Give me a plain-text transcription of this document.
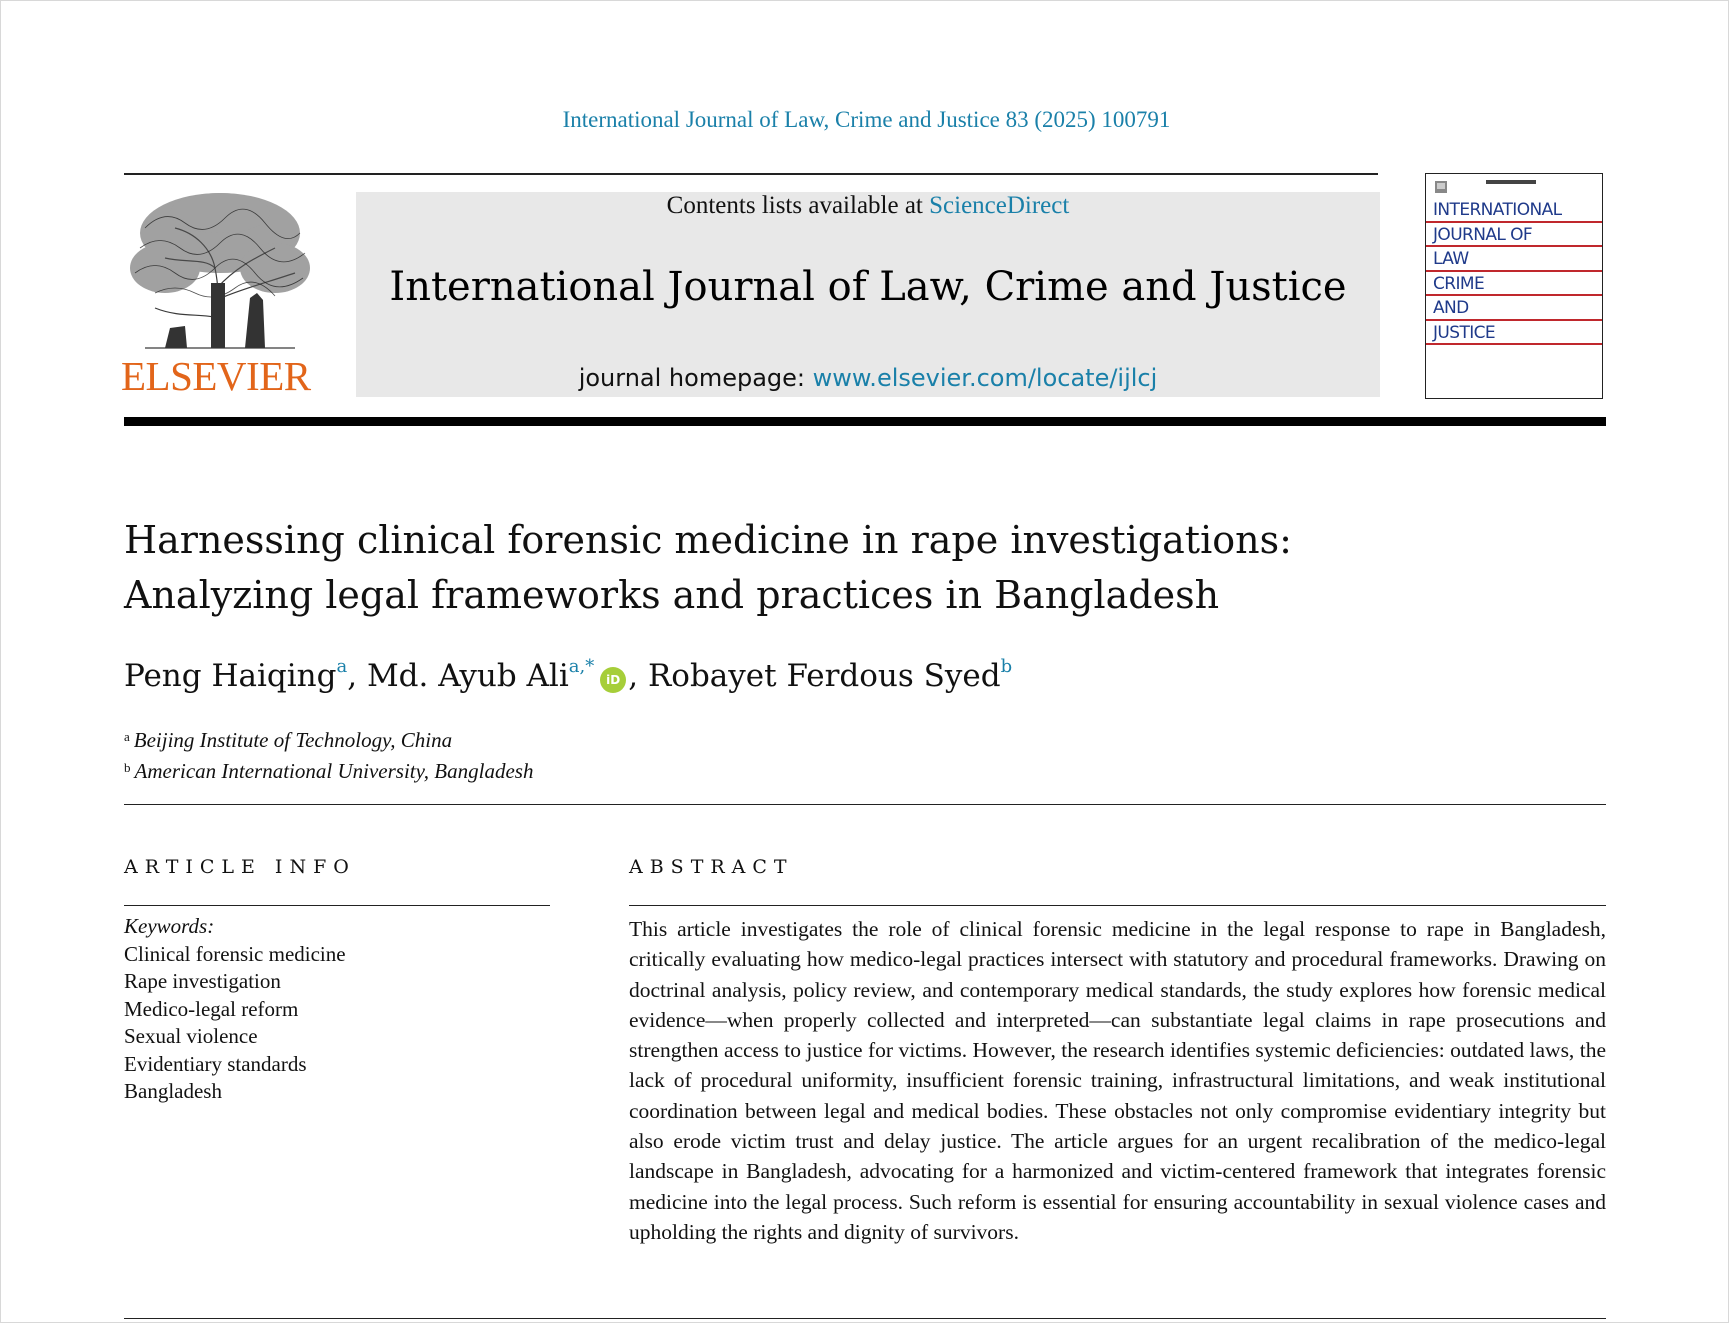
International Journal of Law, Crime and Justice 83 (2025) 100791
ELSEVIER
Contents lists available at ScienceDirect
International Journal of Law, Crime and Justice
journal homepage: www.elsevier.com/locate/ijlcj
INTERNATIONAL
JOURNAL OF
LAW
CRIME
AND
JUSTICE
Harnessing clinical forensic medicine in rape investigations:
Analyzing legal frameworks and practices in Bangladesh
Peng Haiqing$^a$, Md. Ayub Ali$^{a,*}$iD , Robayet Ferdous Syed$^b$
$^a$ Beijing Institute of Technology, China
$^b$ American International University, Bangladesh
ARTICLE INFO
Keywords:
Clinical forensic medicine
Rape investigation
Medico-legal reform
Sexual violence
Evidentiary standards
Bangladesh
ABSTRACT

This article investigates the role of clinical forensic medicine in the legal response to rape in Bangladesh, critically evaluating how medico-legal practices intersect with statutory and procedural frameworks. Drawing on doctrinal analysis, policy review, and contemporary medical standards, the study explores how forensic medical evidence—when properly collected and interpreted—can substantiate legal claims in rape prosecutions and strengthen access to justice for victims. However, the research identifies systemic deficiencies: outdated laws, the lack of procedural uniformity, insufficient forensic training, infrastructural limitations, and weak institutional coordination between legal and medical bodies. These obstacles not only compromise evidentiary integrity but also erode victim trust and delay justice. The article argues for an urgent recalibration of the medico-legal landscape in Bangladesh, advocating for a harmonized and victim-centered framework that integrates forensic medicine into the legal process. Such reform is essential for ensuring accountability in sexual violence cases and upholding the rights and dignity of survivors.
